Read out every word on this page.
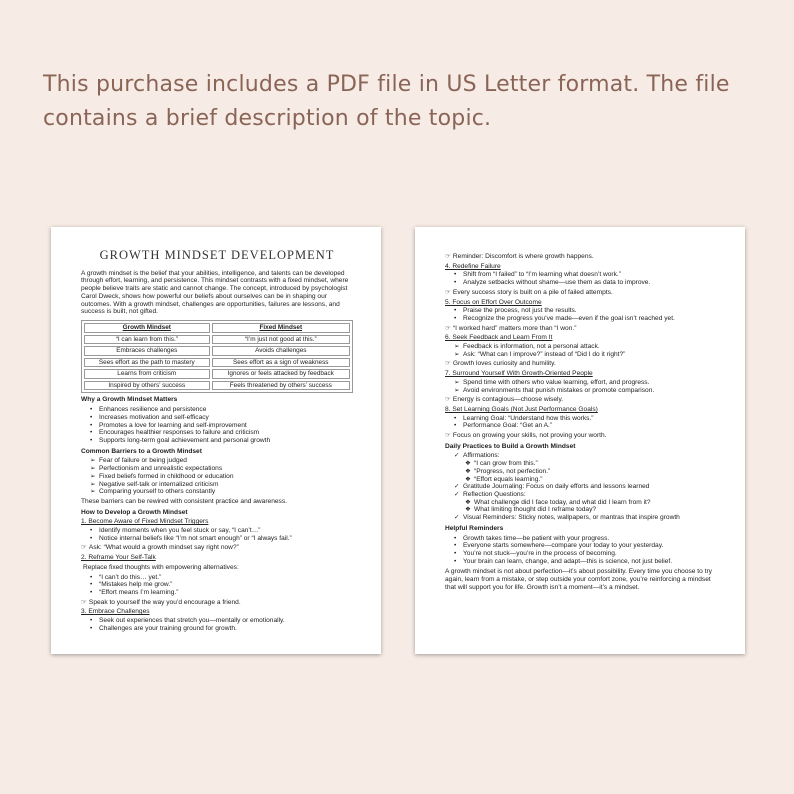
This purchase includes a PDF file in US Letter format. The file contains a brief description of the topic.
GROWTH MINDSET DEVELOPMENT
A growth mindset is the belief that your abilities, intelligence, and talents can be developed through effort, learning, and persistence. This mindset contrasts with a fixed mindset, where people believe traits are static and cannot change. The concept, introduced by psychologist Carol Dweck, shows how powerful our beliefs about ourselves can be in shaping our outcomes. With a growth mindset, challenges are opportunities, failures are lessons, and success is built, not gifted.
Growth Mindset	Fixed Mindset
“I can learn from this.”	“I’m just not good at this.”
Embraces challenges	Avoids challenges
Sees effort as the path to mastery	Sees effort as a sign of weakness
Learns from criticism	Ignores or feels attacked by feedback
Inspired by others’ success	Feels threatened by others’ success
Why a Growth Mindset Matters
• Enhances resilience and persistence
• Increases motivation and self-efficacy
• Promotes a love for learning and self-improvement
• Encourages healthier responses to failure and criticism
• Supports long-term goal achievement and personal growth
Common Barriers to a Growth Mindset
➢ Fear of failure or being judged
➢ Perfectionism and unrealistic expectations
➢ Fixed beliefs formed in childhood or education
➢ Negative self-talk or internalized criticism
➢ Comparing yourself to others constantly
These barriers can be rewired with consistent practice and awareness.
How to Develop a Growth Mindset
1. Become Aware of Fixed Mindset Triggers
• Identify moments when you feel stuck or say, “I can’t…”
• Notice internal beliefs like “I’m not smart enough” or “I always fail.”
☞ Ask: “What would a growth mindset say right now?”
2. Reframe Your Self-Talk
Replace fixed thoughts with empowering alternatives:
• “I can’t do this… yet.”
• “Mistakes help me grow.”
• “Effort means I’m learning.”
☞ Speak to yourself the way you’d encourage a friend.
3. Embrace Challenges
• Seek out experiences that stretch you—mentally or emotionally.
• Challenges are your training ground for growth.
☞ Reminder: Discomfort is where growth happens.
4. Redefine Failure
• Shift from “I failed” to “I’m learning what doesn’t work.”
• Analyze setbacks without shame—use them as data to improve.
☞ Every success story is built on a pile of failed attempts.
5. Focus on Effort Over Outcome
• Praise the process, not just the results.
• Recognize the progress you’ve made—even if the goal isn’t reached yet.
☞ “I worked hard” matters more than “I won.”
6. Seek Feedback and Learn From It
➢ Feedback is information, not a personal attack.
➢ Ask: “What can I improve?” instead of “Did I do it right?”
☞ Growth loves curiosity and humility.
7. Surround Yourself With Growth-Oriented People
➢ Spend time with others who value learning, effort, and progress.
➢ Avoid environments that punish mistakes or promote comparison.
☞ Energy is contagious—choose wisely.
8. Set Learning Goals (Not Just Performance Goals)
• Learning Goal: “Understand how this works.”
• Performance Goal: “Get an A.”
☞ Focus on growing your skills, not proving your worth.
Daily Practices to Build a Growth Mindset
✓ Affirmations:
❖ “I can grow from this.”
❖ “Progress, not perfection.”
❖ “Effort equals learning.”
✓ Gratitude Journaling: Focus on daily efforts and lessons learned
✓ Reflection Questions:
❖ What challenge did I face today, and what did I learn from it?
❖ What limiting thought did I reframe today?
✓ Visual Reminders: Sticky notes, wallpapers, or mantras that inspire growth
Helpful Reminders
• Growth takes time—be patient with your progress.
• Everyone starts somewhere—compare your today to your yesterday.
• You’re not stuck—you’re in the process of becoming.
• Your brain can learn, change, and adapt—this is science, not just belief.
A growth mindset is not about perfection—it’s about possibility. Every time you choose to try again, learn from a mistake, or step outside your comfort zone, you’re reinforcing a mindset that will support you for life. Growth isn’t a moment—it’s a mindset.
